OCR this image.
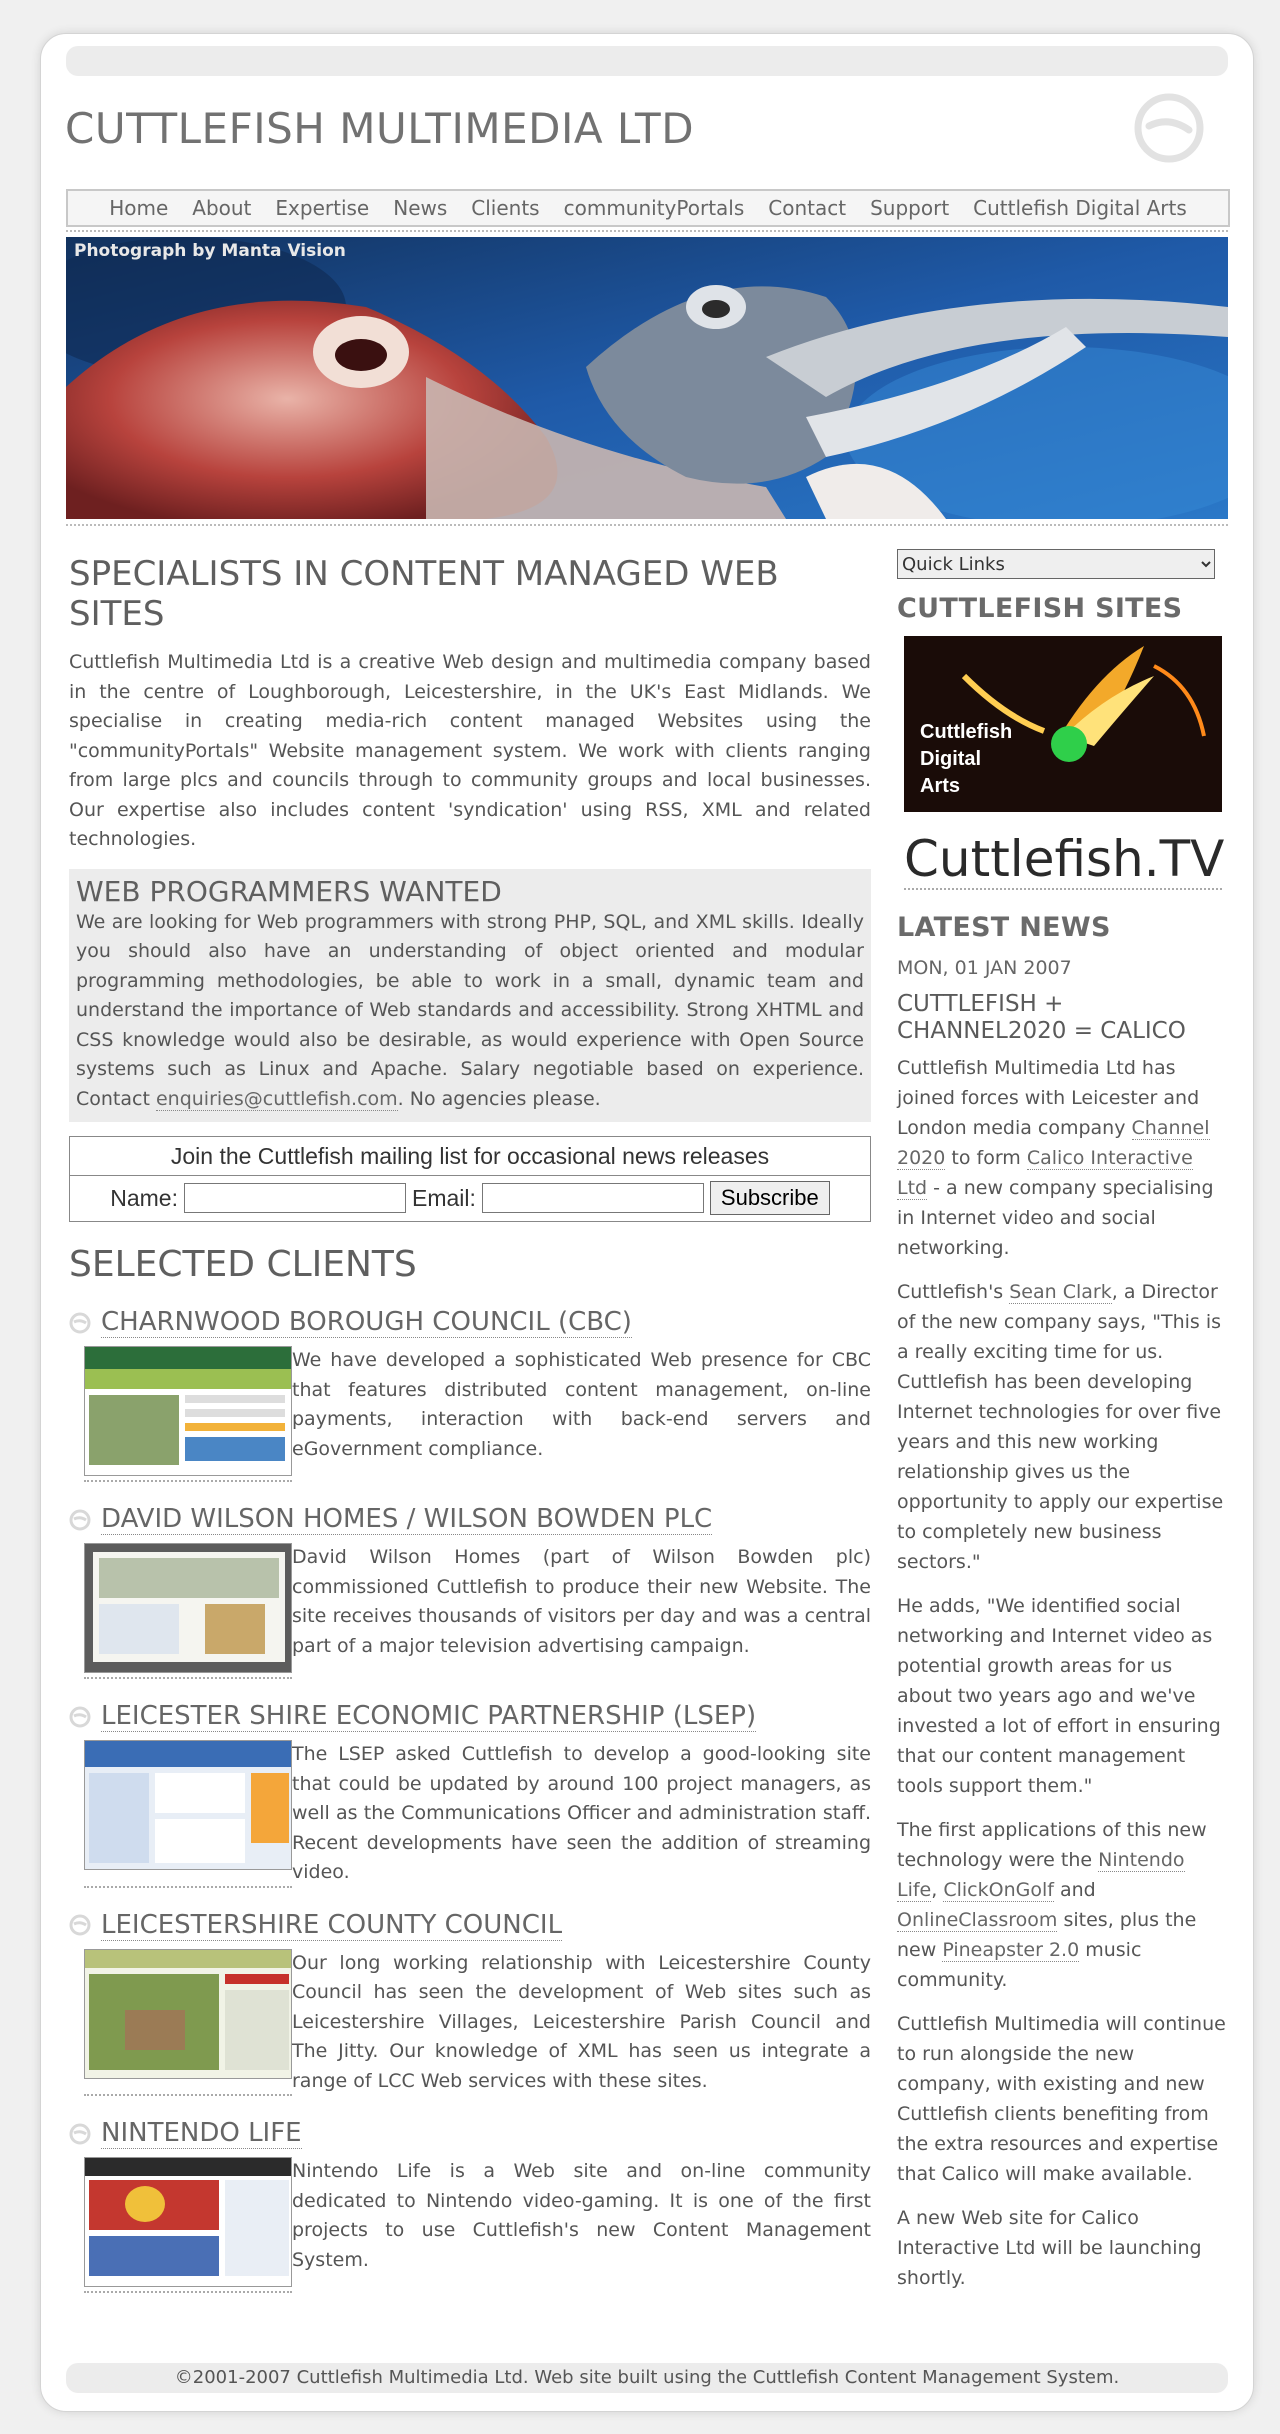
CUTTLEFISH MULTIMEDIA LTD
Home About Expertise News Clients communityPortals Contact Support Cuttlefish Digital Arts
Photograph by Manta Vision
SPECIALISTS IN CONTENT MANAGED WEB SITES

Cuttlefish Multimedia Ltd is a creative Web design and multimedia company based in the centre of Loughborough, Leicestershire, in the UK's East Midlands. We specialise in creating media-rich content managed Websites using the "communityPortals" Website management system. We work with clients ranging from large plcs and councils through to community groups and local businesses. Our expertise also includes content 'syndication' using RSS, XML and related technologies.

WEB PROGRAMMERS WANTED

We are looking for Web programmers with strong PHP, SQL, and XML skills. Ideally you should also have an understanding of object oriented and modular programming methodologies, be able to work in a small, dynamic team and understand the importance of Web standards and accessibility. Strong XHTML and CSS knowledge would also be desirable, as would experience with Open Source systems such as Linux and Apache. Salary negotiable based on experience. Contact enquiries@cuttlefish.com. No agencies please.

Join the Cuttlefish mailing list for occasional news releases
Name:	Email:	Subscribe
SELECTED CLIENTS
CHARNWOOD BOROUGH COUNCIL (CBC)

We have developed a sophisticated Web presence for CBC that features distributed content management, on-line payments, interaction with back-end servers and eGovernment compliance.

DAVID WILSON HOMES / WILSON BOWDEN PLC

David Wilson Homes (part of Wilson Bowden plc) commissioned Cuttlefish to produce their new Website. The site receives thousands of visitors per day and was a central part of a major television advertising campaign.

LEICESTER SHIRE ECONOMIC PARTNERSHIP (LSEP)

The LSEP asked Cuttlefish to develop a good-looking site that could be updated by around 100 project managers, as well as the Communications Officer and administration staff. Recent developments have seen the addition of streaming video.

LEICESTERSHIRE COUNTY COUNCIL

Our long working relationship with Leicestershire County Council has seen the development of Web sites such as Leicestershire Villages, Leicestershire Parish Council and The Jitty. Our knowledge of XML has seen us integrate a range of LCC Web services with these sites.

NINTENDO LIFE

Nintendo Life is a Web site and on-line community dedicated to Nintendo video-gaming. It is one of the first projects to use Cuttlefish's new Content Management System.

Quick Links
CUTTLEFISH SITES
Cuttlefish
Digital
Arts
Cuttlefish.TV
LATEST NEWS
MON, 01 JAN 2007
CUTTLEFISH + CHANNEL2020 = CALICO

Cuttlefish Multimedia Ltd has joined forces with Leicester and London media company Channel 2020 to form Calico Interactive Ltd - a new company specialising in Internet video and social networking.

Cuttlefish's Sean Clark, a Director of the new company says, "This is a really exciting time for us. Cuttlefish has been developing Internet technologies for over five years and this new working relationship gives us the opportunity to apply our expertise to completely new business sectors."

He adds, "We identified social networking and Internet video as potential growth areas for us about two years ago and we've invested a lot of effort in ensuring that our content management tools support them."

The first applications of this new technology were the Nintendo Life, ClickOnGolf and OnlineClassroom sites, plus the new Pineapster 2.0 music community.

Cuttlefish Multimedia will continue to run alongside the new company, with existing and new Cuttlefish clients benefiting from the extra resources and expertise that Calico will make available.

A new Web site for Calico Interactive Ltd will be launching shortly.

©2001-2007 Cuttlefish Multimedia Ltd. Web site built using the Cuttlefish Content Management System.
